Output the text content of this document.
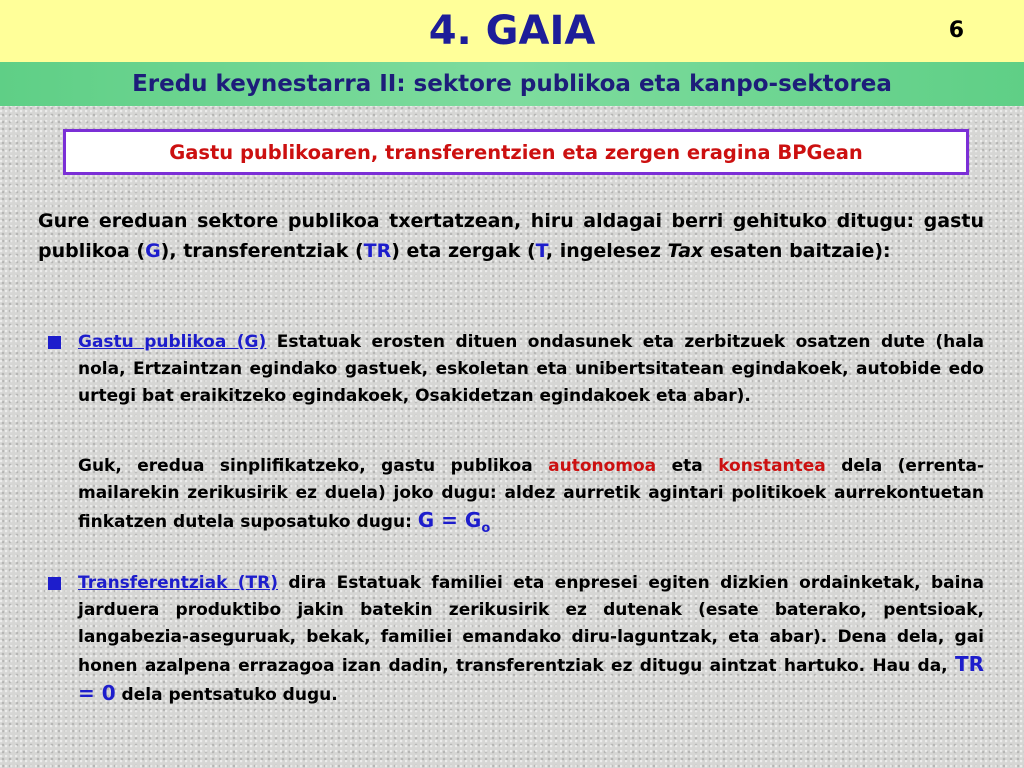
4. GAIA	6
Eredu keynestarra II: sektore publikoa eta kanpo-sektorea
Gastu publikoaren, transferentzien eta zergen eragina BPGean
Gure ereduan sektore publikoa txertatzean, hiru aldagai berri gehituko ditugu: gastu publikoa (G), transferentziak (TR) eta zergak (T, ingelesez Tax esaten baitzaie):
Gastu publikoa (G) Estatuak erosten dituen ondasunek eta zerbitzuek osatzen dute (hala nola, Ertzaintzan egindako gastuek, eskoletan eta unibertsitatean egindakoek, autobide edo urtegi bat eraikitzeko egindakoek, Osakidetzan egindakoek eta abar).
Guk, eredua sinplifikatzeko, gastu publikoa autonomoa eta konstantea dela (errenta-mailarekin zerikusirik ez duela) joko dugu: aldez aurretik agintari politikoek aurrekontuetan finkatzen dutela suposatuko dugu: $G = G_o$
Transferentziak (TR) dira Estatuak familiei eta enpresei egiten dizkien ordainketak, baina jarduera produktibo jakin batekin zerikusirik ez dutenak (esate baterako, pentsioak, langabezia-aseguruak, bekak, familiei emandako diru-laguntzak, eta abar). Dena dela, gai honen azalpena errazagoa izan dadin, transferentziak ez ditugu aintzat hartuko. Hau da, TR = 0 dela pentsatuko dugu.
